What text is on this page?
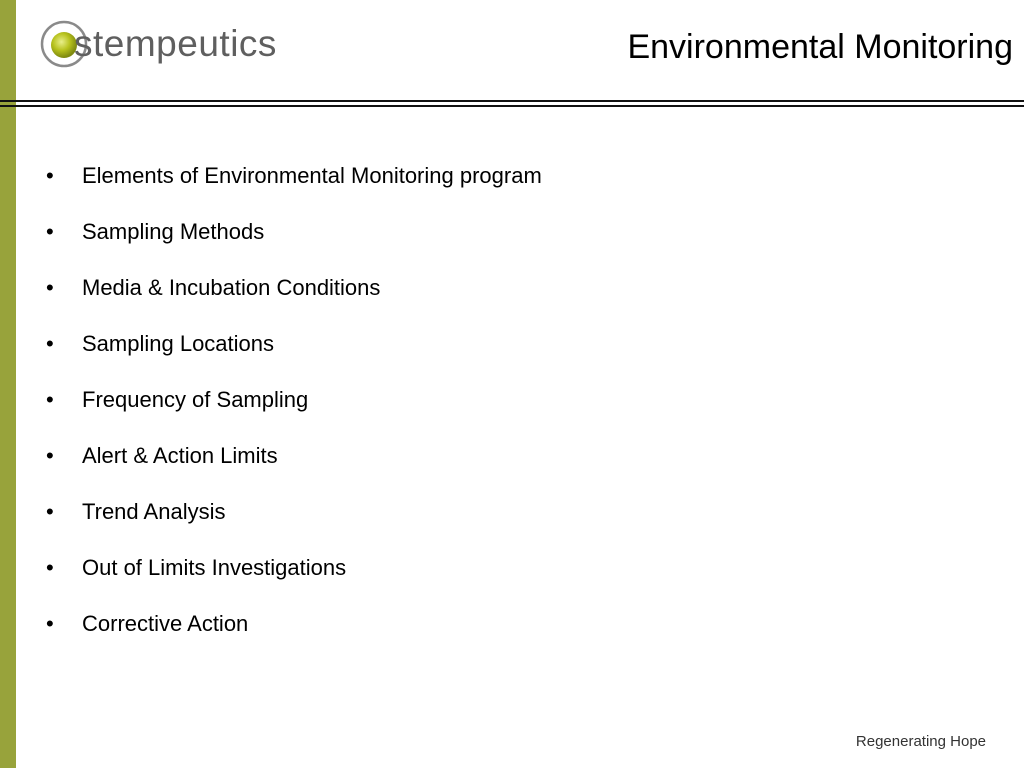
stempeutics	Environmental Monitoring
•	Elements of Environmental Monitoring program
•	Sampling Methods
•	Media & Incubation Conditions
•	Sampling Locations
•	Frequency of Sampling
•	Alert & Action Limits
•	Trend Analysis
•	Out of Limits Investigations
•	Corrective Action
Regenerating Hope
